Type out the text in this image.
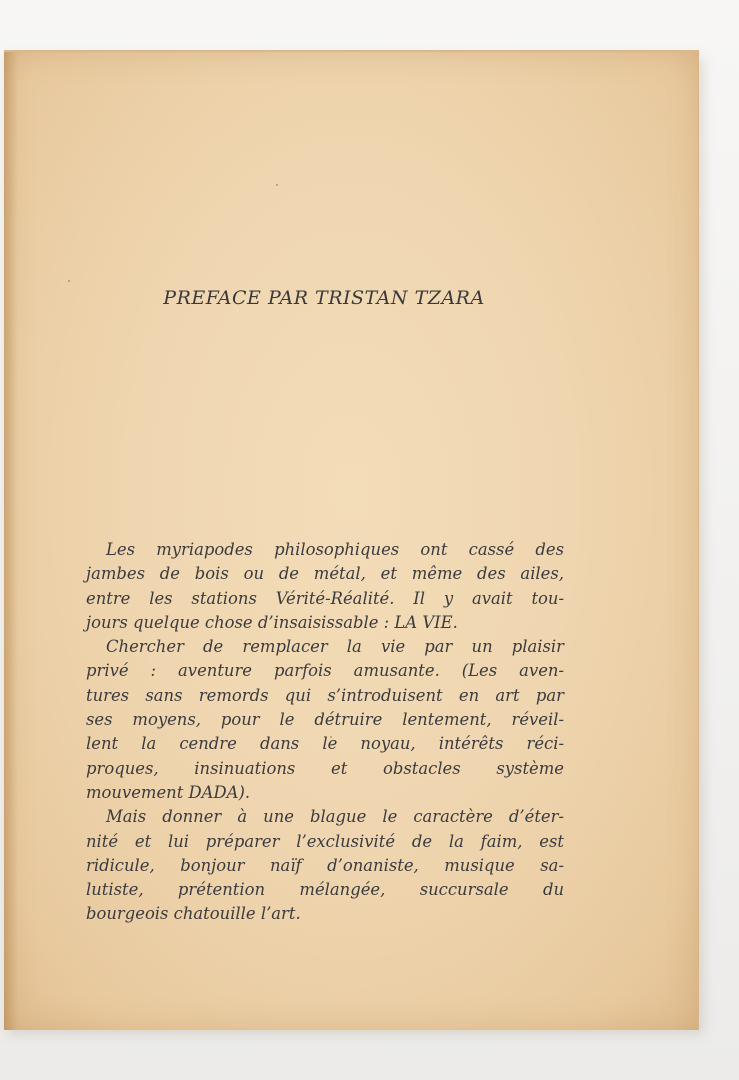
PREFACE PAR TRISTAN TZARA
Les myriapodes philosophiques ont cassé des
jambes de bois ou de métal, et même des ailes,
entre les stations Vérité-Réalité. Il y avait tou-
jours quelque chose d’insaisissable : LA VIE.
Chercher de remplacer la vie par un plaisir
privé : aventure parfois amusante. (Les aven-
tures sans remords qui s’introduisent en art par
ses moyens, pour le détruire lentement, réveil-
lent la cendre dans le noyau, intérêts réci-
proques, insinuations et obstacles système
mouvement DADA).
Mais donner à une blague le caractère d’éter-
nité et lui préparer l’exclusivité de la faim, est
ridicule, bonjour naïf d’onaniste, musique sa-
lutiste, prétention mélangée, succursale du
bourgeois chatouille l’art.
